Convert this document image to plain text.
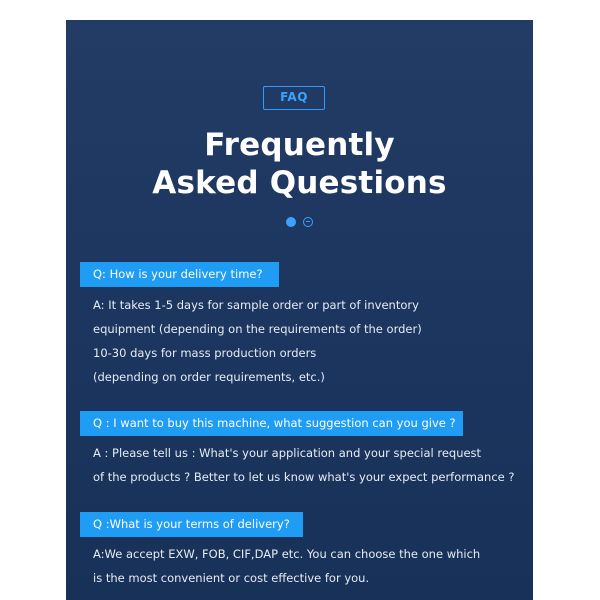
FAQ
Frequently
Asked Questions
Q: How is your delivery time?
A: It takes 1-5 days for sample order or part of inventory
equipment (depending on the requirements of the order)
10-30 days for mass production orders
(depending on order requirements, etc.)
Q : I want to buy this machine, what suggestion can you give ?
A : Please tell us : What's your application and your special request
of the products ? Better to let us know what's your expect performance ?
Q :What is your terms of delivery?
A:We accept EXW, FOB, CIF,DAP etc. You can choose the one which
is the most convenient or cost effective for you.
